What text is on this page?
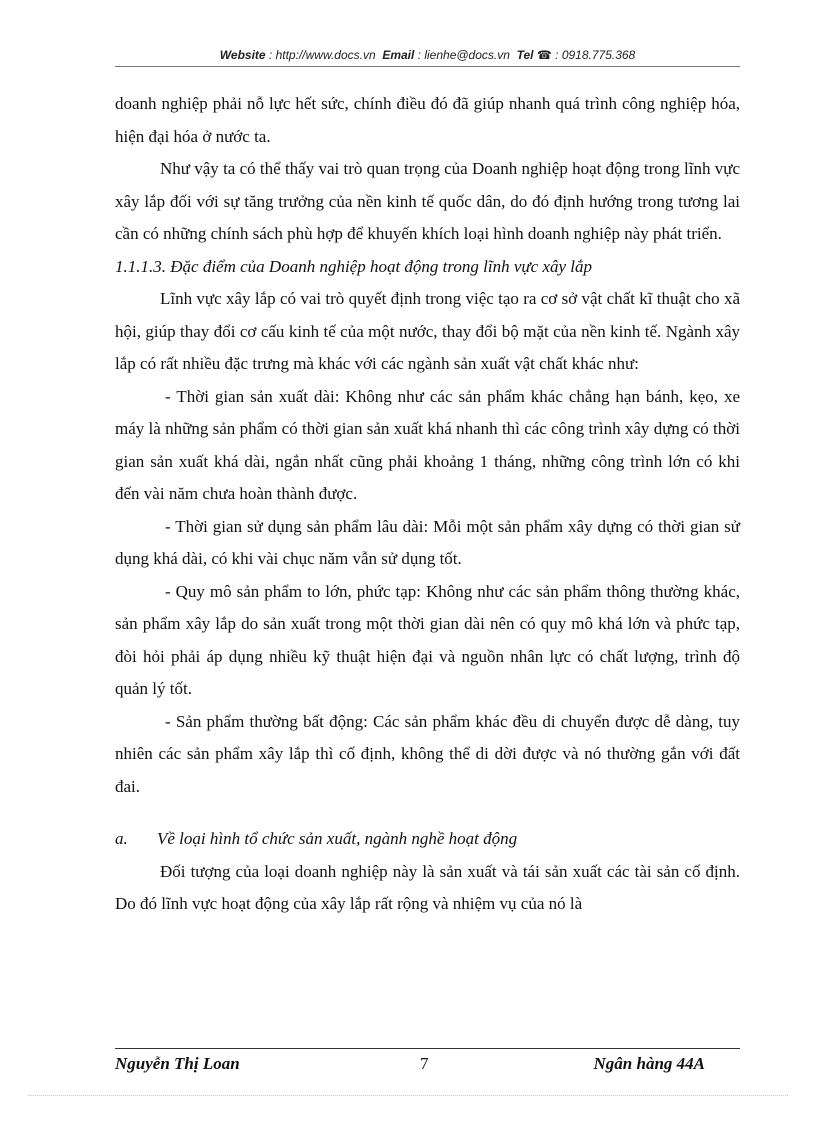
Website : http://www.docs.vn Email : lienhe@docs.vn Tel ☎ : 0918.775.368

doanh nghiệp phải nỗ lực hết sức, chính điều đó đã giúp nhanh quá trình công nghiệp hóa, hiện đại hóa ở nước ta.

Như vậy ta có thể thấy vai trò quan trọng của Doanh nghiệp hoạt động trong lĩnh vực xây lắp đối với sự tăng trưởng của nền kinh tế quốc dân, do đó định hướng trong tương lai cần có những chính sách phù hợp để khuyến khích loại hình doanh nghiệp này phát triển.

1.1.1.3. Đặc điểm của Doanh nghiệp hoạt động trong lĩnh vực xây lắp

Lĩnh vực xây lắp có vai trò quyết định trong việc tạo ra cơ sở vật chất kĩ thuật cho xã hội, giúp thay đổi cơ cấu kinh tế của một nước, thay đổi bộ mặt của nền kinh tế. Ngành xây lắp có rất nhiều đặc trưng mà khác với các ngành sản xuất vật chất khác như:

- Thời gian sản xuất dài: Không như các sản phẩm khác chẳng hạn bánh, kẹo, xe máy là những sản phẩm có thời gian sản xuất khá nhanh thì các công trình xây dựng có thời gian sản xuất khá dài, ngắn nhất cũng phải khoảng 1 tháng, những công trình lớn có khi đến vài năm chưa hoàn thành được.

- Thời gian sử dụng sản phẩm lâu dài: Mỗi một sản phẩm xây dựng có thời gian sử dụng khá dài, có khi vài chục năm vẫn sử dụng tốt.

- Quy mô sản phẩm to lớn, phức tạp: Không như các sản phẩm thông thường khác, sản phẩm xây lắp do sản xuất trong một thời gian dài nên có quy mô khá lớn và phức tạp, đòi hỏi phải áp dụng nhiều kỹ thuật hiện đại và nguồn nhân lực có chất lượng, trình độ quản lý tốt.

- Sản phẩm thường bất động: Các sản phẩm khác đều di chuyển được dễ dàng, tuy nhiên các sản phẩm xây lắp thì cố định, không thể di dời được và nó thường gắn với đất đai.

a. Về loại hình tổ chức sản xuất, ngành nghề hoạt động

Đối tượng của loại doanh nghiệp này là sản xuất và tái sản xuất các tài sản cố định. Do đó lĩnh vực hoạt động của xây lắp rất rộng và nhiệm vụ của nó là

Nguyễn Thị Loan	7	Ngân hàng 44A
